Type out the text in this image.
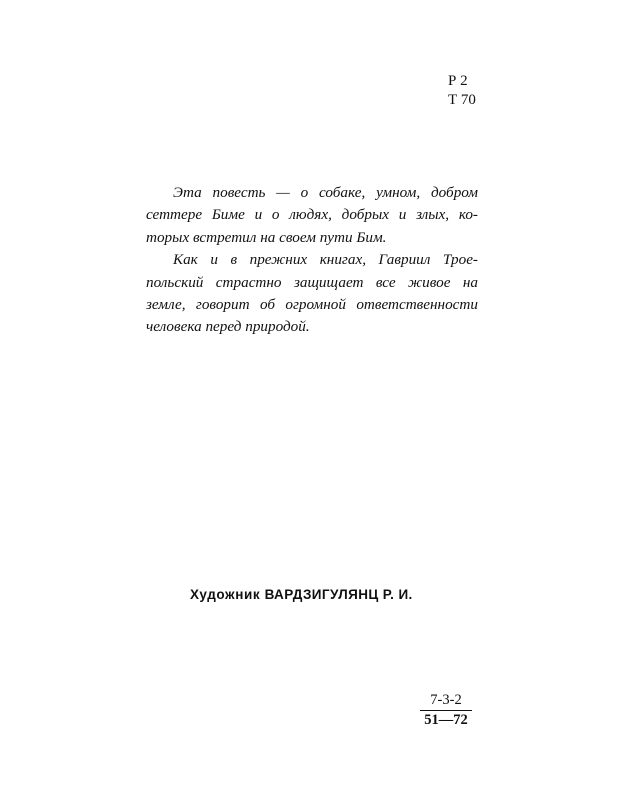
Р 2
Т 70
Эта повесть — о собаке, умном, добром
сеттере Биме и о людях, добрых и злых, ко-
торых встретил на своем пути Бим.
Как и в прежних книгах, Гавриил Трое-
польский страстно защищает все живое на
земле, говорит об огромной ответственности
человека перед природой.
Художник ВАРДЗИГУЛЯНЦ Р. И.
7-3-2
51—72
